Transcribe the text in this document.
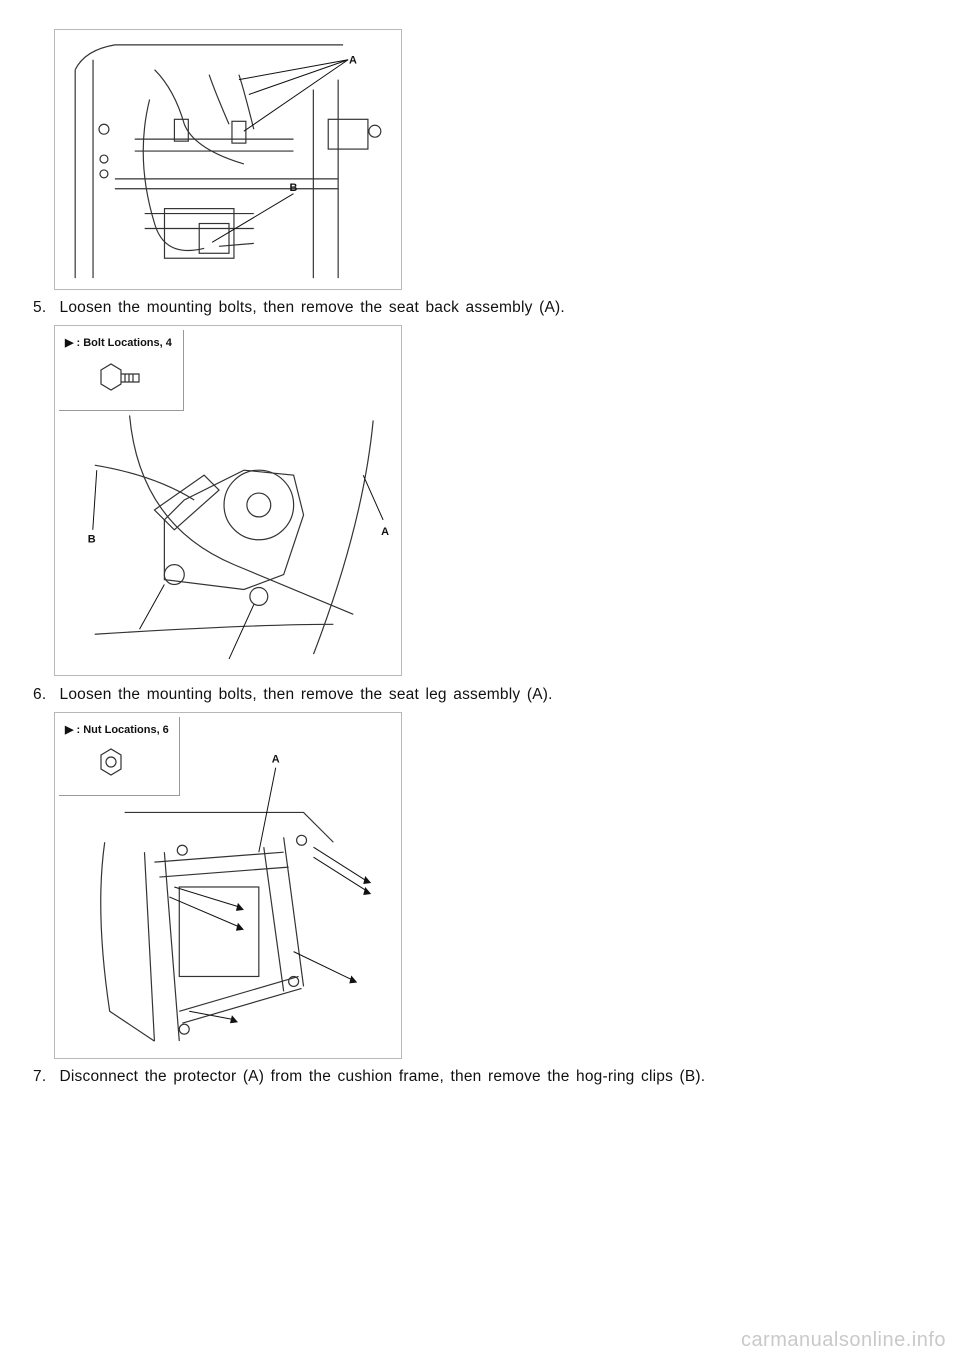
A
B
5. Loosen the mounting bolts, then remove the seat back assembly (A).
▶ : Bolt Locations, 4
B
A
6. Loosen the mounting bolts, then remove the seat leg assembly (A).
▶ : Nut Locations, 6
A
7. Disconnect the protector (A) from the cushion frame, then remove the hog-ring clips (B).
carmanualsonline.info
